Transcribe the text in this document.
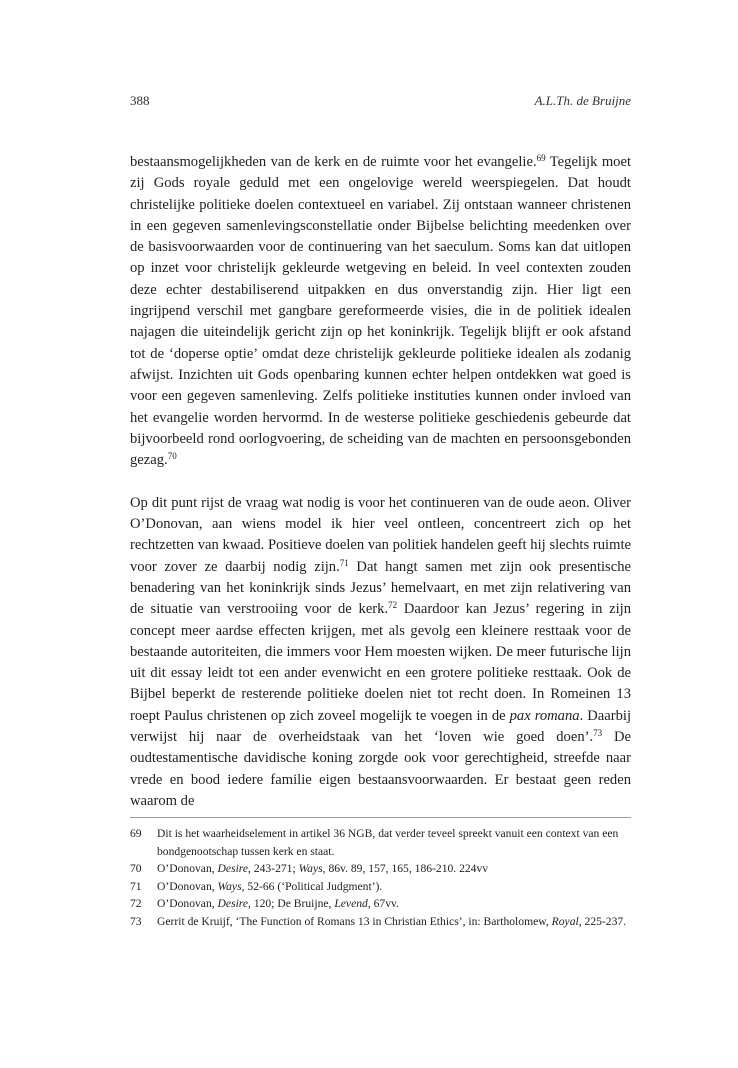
388	A.L.Th. de Bruijne

bestaansmogelijkheden van de kerk en de ruimte voor het evangelie.$^{69}$ Tegelijk moet zij Gods royale geduld met een ongelovige wereld weerspiegelen. Dat houdt christelijke politieke doelen contextueel en variabel. Zij ontstaan wanneer christenen in een gegeven samenlevingsconstellatie onder Bijbelse belichting meedenken over de basisvoorwaarden voor de continuering van het saeculum. Soms kan dat uitlopen op inzet voor christelijk gekleurde wetgeving en beleid. In veel contexten zouden deze echter destabiliserend uitpakken en dus onverstandig zijn. Hier ligt een ingrijpend verschil met gangbare gereformeerde visies, die in de politiek idealen najagen die uiteindelijk gericht zijn op het koninkrijk. Tegelijk blijft er ook afstand tot de ‘doperse optie’ omdat deze christelijk gekleurde politieke idealen als zodanig afwijst. Inzichten uit Gods openbaring kunnen echter helpen ontdekken wat goed is voor een gegeven samenleving. Zelfs politieke instituties kunnen onder invloed van het evangelie worden hervormd. In de westerse politieke geschiedenis gebeurde dat bijvoorbeeld rond oorlogvoering, de scheiding van de machten en persoonsgebonden gezag.$^{70}$

Op dit punt rijst de vraag wat nodig is voor het continueren van de oude aeon. Oliver O’Donovan, aan wiens model ik hier veel ontleen, concentreert zich op het rechtzetten van kwaad. Positieve doelen van politiek handelen geeft hij slechts ruimte voor zover ze daarbij nodig zijn.$^{71}$ Dat hangt samen met zijn ook presentische benadering van het koninkrijk sinds Jezus’ hemelvaart, en met zijn relativering van de situatie van verstrooiing voor de kerk.$^{72}$ Daardoor kan Jezus’ regering in zijn concept meer aardse effecten krijgen, met als gevolg een kleinere resttaak voor de bestaande autoriteiten, die immers voor Hem moesten wijken. De meer futurische lijn uit dit essay leidt tot een ander evenwicht en een grotere politieke resttaak. Ook de Bijbel beperkt de resterende politieke doelen niet tot recht doen. In Romeinen 13 roept Paulus christenen op zich zoveel mogelijk te voegen in de pax romana. Daarbij verwijst hij naar de overheidstaak van het ‘loven wie goed doen’.$^{73}$ De oudtestamentische davidische koning zorgde ook voor gerechtigheid, streefde naar vrede en bood iedere familie eigen bestaansvoorwaarden. Er bestaat geen reden waarom de

69	Dit is het waarheidselement in artikel 36 NGB, dat verder teveel spreekt vanuit een context van een bondgenootschap tussen kerk en staat.
70	O’Donovan, Desire, 243-271; Ways, 86v. 89, 157, 165, 186-210. 224vv
71	O’Donovan, Ways, 52-66 (‘Political Judgment’).
72	O’Donovan, Desire, 120; De Bruijne, Levend, 67vv.
73	Gerrit de Kruijf, ‘The Function of Romans 13 in Christian Ethics’, in: Bartholomew, Royal, 225-237.
